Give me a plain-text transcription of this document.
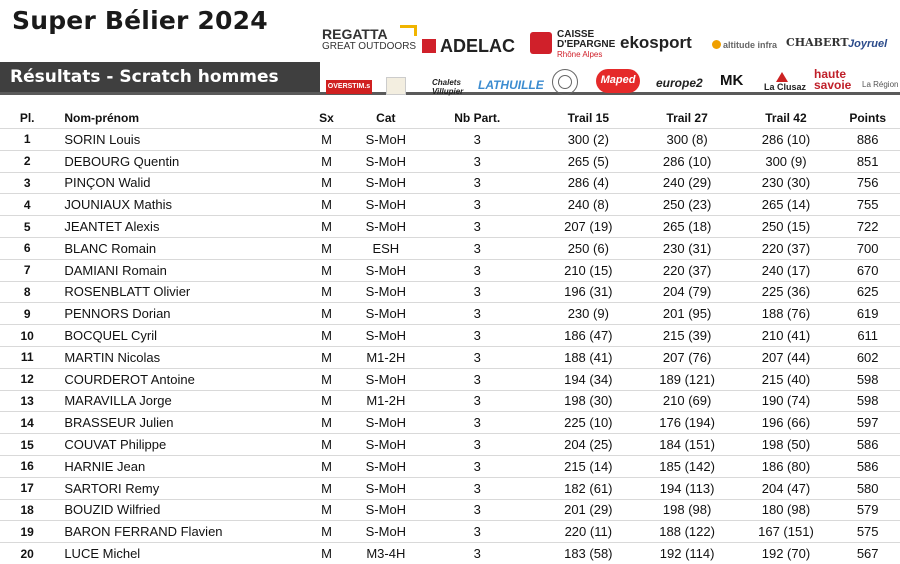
Super Bélier 2024	REGATTA
GREAT OUTDOORS	ADELAC
CAISSE
D'EPARGNE
Rhône Alpes
ekosport	altitude infra CHABERT Joyruel
Résultats - Scratch hommes	OVERSTIM.s	Chalets Villupier	LATHUILLE	Maped	europe2 MK La Clusaz
haute
savoie La Région
Pl.	Nom-prénom	Sx	Cat	Nb Part.	Trail 15	Trail 27	Trail 42	Points
1	SORIN Louis	M	S-MoH	3	300 (2)	300 (8)	286 (10)	886
2	DEBOURG Quentin	M	S-MoH	3	265 (5)	286 (10)	300 (9)	851
3	PINÇON Walid	M	S-MoH	3	286 (4)	240 (29)	230 (30)	756
4	JOUNIAUX Mathis	M	S-MoH	3	240 (8)	250 (23)	265 (14)	755
5	JEANTET Alexis	M	S-MoH	3	207 (19)	265 (18)	250 (15)	722
6	BLANC Romain	M	ESH	3	250 (6)	230 (31)	220 (37)	700
7	DAMIANI Romain	M	S-MoH	3	210 (15)	220 (37)	240 (17)	670
8	ROSENBLATT Olivier	M	S-MoH	3	196 (31)	204 (79)	225 (36)	625
9	PENNORS Dorian	M	S-MoH	3	230 (9)	201 (95)	188 (76)	619
10	BOCQUEL Cyril	M	S-MoH	3	186 (47)	215 (39)	210 (41)	611
11	MARTIN Nicolas	M	M1-2H	3	188 (41)	207 (76)	207 (44)	602
12	COURDEROT Antoine	M	S-MoH	3	194 (34)	189 (121)	215 (40)	598
13	MARAVILLA Jorge	M	M1-2H	3	198 (30)	210 (69)	190 (74)	598
14	BRASSEUR Julien	M	S-MoH	3	225 (10)	176 (194)	196 (66)	597
15	COUVAT Philippe	M	S-MoH	3	204 (25)	184 (151)	198 (50)	586
16	HARNIE Jean	M	S-MoH	3	215 (14)	185 (142)	186 (80)	586
17	SARTORI Remy	M	S-MoH	3	182 (61)	194 (113)	204 (47)	580
18	BOUZID Wilfried	M	S-MoH	3	201 (29)	198 (98)	180 (98)	579
19	BARON FERRAND Flavien	M	S-MoH	3	220 (11)	188 (122)	167 (151)	575
20	LUCE Michel	M	M3-4H	3	183 (58)	192 (114)	192 (70)	567
